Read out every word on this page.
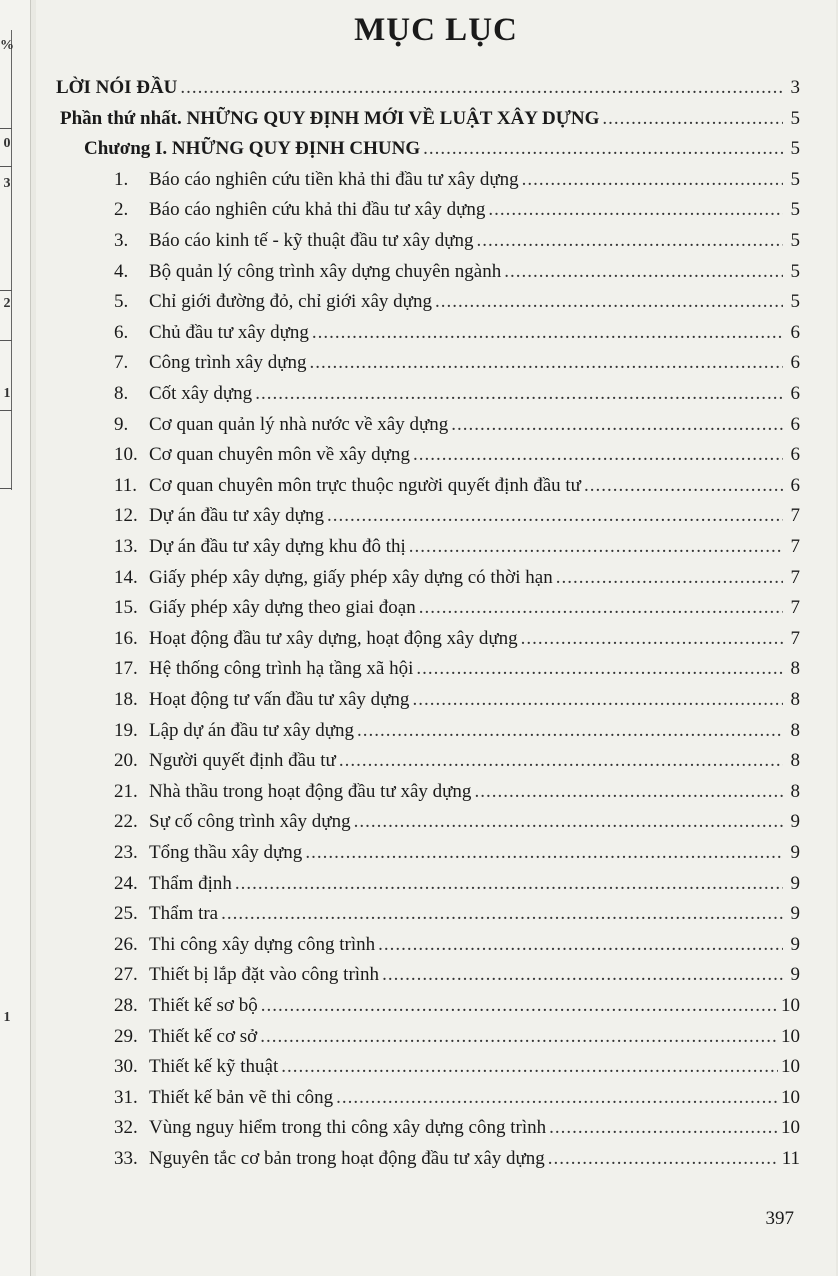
%
0
3
2
1
1
MỤC LỤC
LỜI NÓI ĐẦU .....	3
Phần thứ nhất. NHỮNG QUY ĐỊNH MỚI VỀ LUẬT XÂY DỰNG .....	5
Chương I. NHỮNG QUY ĐỊNH CHUNG .....	5
1.	Báo cáo nghiên cứu tiền khả thi đầu tư xây dựng .....	5
2.	Báo cáo nghiên cứu khả thi đầu tư xây dựng .....	5
3.	Báo cáo kinh tế - kỹ thuật đầu tư xây dựng .....	5
4.	Bộ quản lý công trình xây dựng chuyên ngành .....	5
5.	Chỉ giới đường đỏ, chỉ giới xây dựng .....	5
6.	Chủ đầu tư xây dựng .....	6
7.	Công trình xây dựng .....	6
8.	Cốt xây dựng .....	6
9.	Cơ quan quản lý nhà nước về xây dựng .....	6
10. Cơ quan chuyên môn về xây dựng .....	6
11. Cơ quan chuyên môn trực thuộc người quyết định đầu tư .....	6
12. Dự án đầu tư xây dựng .....	7
13. Dự án đầu tư xây dựng khu đô thị .....	7
14. Giấy phép xây dựng, giấy phép xây dựng có thời hạn .....	7
15. Giấy phép xây dựng theo giai đoạn .....	7
16. Hoạt động đầu tư xây dựng, hoạt động xây dựng .....	7
17. Hệ thống công trình hạ tầng xã hội .....	8
18. Hoạt động tư vấn đầu tư xây dựng .....	8
19. Lập dự án đầu tư xây dựng .....	8
20. Người quyết định đầu tư .....	8
21. Nhà thầu trong hoạt động đầu tư xây dựng .....	8
22. Sự cố công trình xây dựng .....	9
23. Tổng thầu xây dựng .....	9
24. Thẩm định .....	9
25. Thẩm tra .....	9
26. Thi công xây dựng công trình .....	9
27. Thiết bị lắp đặt vào công trình .....	9
28. Thiết kế sơ bộ .....	10
29. Thiết kế cơ sở .....	10
30. Thiết kế kỹ thuật .....	10
31. Thiết kế bản vẽ thi công .....	10
32. Vùng nguy hiểm trong thi công xây dựng công trình .....	10
33. Nguyên tắc cơ bản trong hoạt động đầu tư xây dựng .....	11
397
